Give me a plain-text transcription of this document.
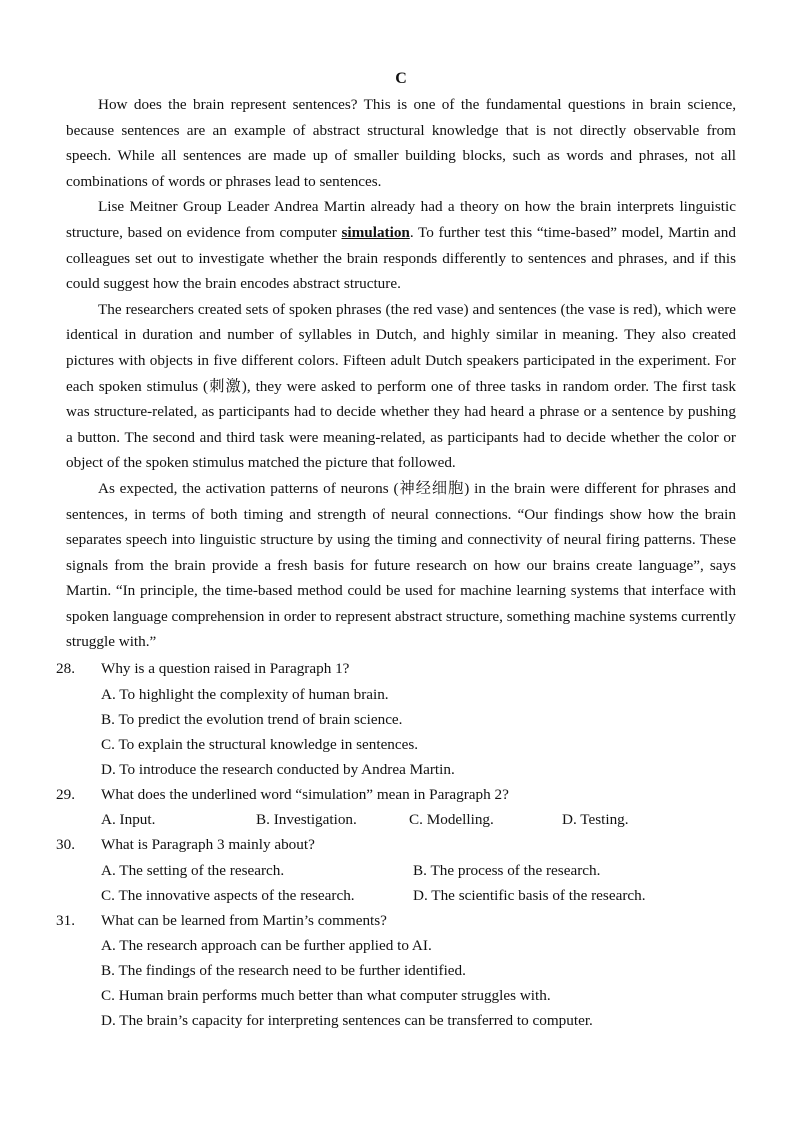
C

How does the brain represent sentences? This is one of the fundamental questions in brain science, because sentences are an example of abstract structural knowledge that is not directly observable from speech. While all sentences are made up of smaller building blocks, such as words and phrases, not all combinations of words or phrases lead to sentences.

Lise Meitner Group Leader Andrea Martin already had a theory on how the brain interprets linguistic structure, based on evidence from computer simulation. To further test this “time-based” model, Martin and colleagues set out to investigate whether the brain responds differently to sentences and phrases, and if this could suggest how the brain encodes abstract structure.

The researchers created sets of spoken phrases (the red vase) and sentences (the vase is red), which were identical in duration and number of syllables in Dutch, and highly similar in meaning. They also created pictures with objects in five different colors. Fifteen adult Dutch speakers participated in the experiment. For each spoken stimulus (刺激), they were asked to perform one of three tasks in random order. The first task was structure-related, as participants had to decide whether they had heard a phrase or a sentence by pushing a button. The second and third task were meaning-related, as participants had to decide whether the color or object of the spoken stimulus matched the picture that followed.

As expected, the activation patterns of neurons (神经细胞) in the brain were different for phrases and sentences, in terms of both timing and strength of neural connections. “Our findings show how the brain separates speech into linguistic structure by using the timing and connectivity of neural firing patterns. These signals from the brain provide a fresh basis for future research on how our brains create language”, says Martin. “In principle, the time-based method could be used for machine learning systems that interface with spoken language comprehension in order to represent abstract structure, something machine systems currently struggle with.”

28.	Why is a question raised in Paragraph 1?
A. To highlight the complexity of human brain.
B. To predict the evolution trend of brain science.
C. To explain the structural knowledge in sentences.
D. To introduce the research conducted by Andrea Martin.
29.	What does the underlined word “simulation” mean in Paragraph 2?
A. Input.	B. Investigation.	C. Modelling.	D. Testing.
30.	What is Paragraph 3 mainly about?
A. The setting of the research.	B. The process of the research.
C. The innovative aspects of the research.	D. The scientific basis of the research.
31.	What can be learned from Martin’s comments?
A. The research approach can be further applied to AI.
B. The findings of the research need to be further identified.
C. Human brain performs much better than what computer struggles with.
D. The brain’s capacity for interpreting sentences can be transferred to computer.
